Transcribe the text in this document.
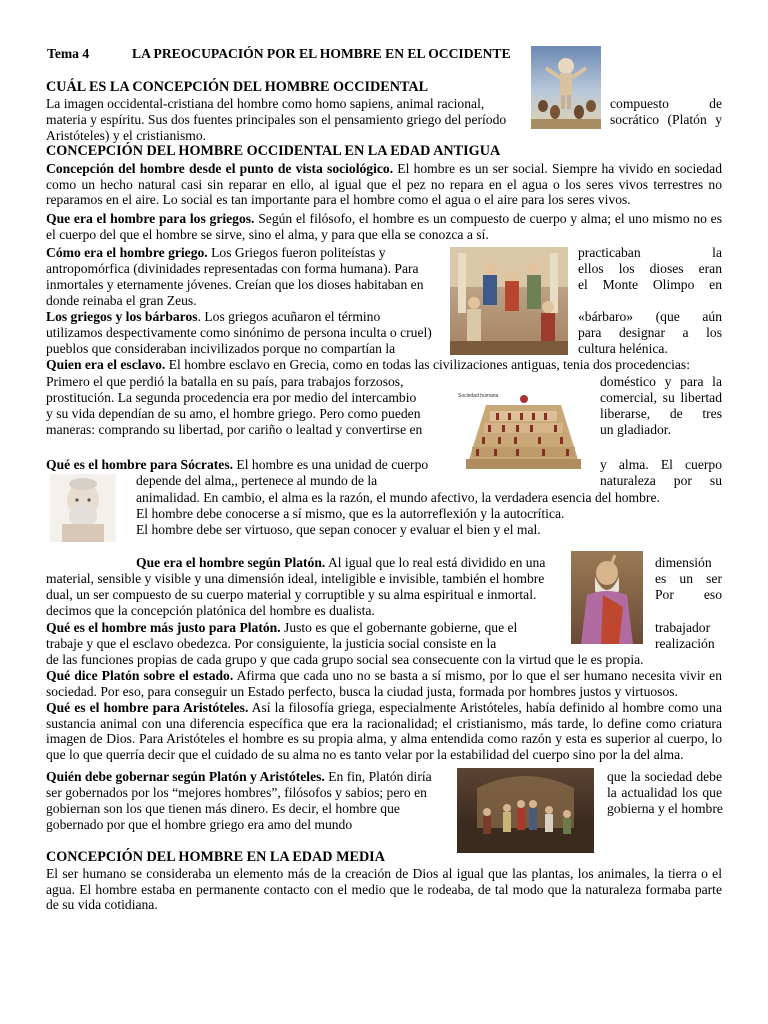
Tema 4	LA PREOCUPACIÓN POR EL HOMBRE EN EL OCCIDENTE
CUÁL ES LA CONCEPCIÓN DEL HOMBRE OCCIDENTAL
La imagen occidental-cristiana del hombre como homo sapiens, animal racional,	compuesto de
materia y espíritu. Sus dos fuentes principales son el pensamiento griego del período	socrático (Platón y
Aristóteles) y el cristianismo.
CONCEPCIÓN DEL HOMBRE OCCIDENTAL EN LA EDAD ANTIGUA
Concepción del hombre desde el punto de vista sociológico. El hombre es un ser social. Siempre ha vivido en sociedad como un hecho natural casi sin reparar en ello, al igual que el pez no repara en el agua o los seres vivos terrestres no reparamos en el aire. Lo social es tan importante para el hombre como el agua o el aire para los seres vivos.
Que era el hombre para los griegos. Según el filósofo, el hombre es un compuesto de cuerpo y alma; el uno mismo no es el cuerpo del que el hombre se sirve, sino el alma, y para que ella se conozca a sí.
Cómo era el hombre griego. Los Griegos fueron politeístas y	practicaban la
antropomórfica (divinidades representadas con forma humana). Para	ellos los dioses eran
inmortales y eternamente jóvenes. Creían que los dioses habitaban en	el Monte Olimpo en
donde reinaba el gran Zeus.
Los griegos y los bárbaros. Los griegos acuñaron el término	«bárbaro» (que aún
utilizamos despectivamente como sinónimo de persona inculta o cruel)	para designar a los
pueblos que consideraban incivilizados porque no compartían la	cultura helénica.
Quien era el esclavo. El hombre esclavo en Grecia, como en todas las civilizaciones antiguas, tenia dos procedencias:
Primero el que perdió la batalla en su país, para trabajos forzosos,	doméstico y para la
prostitución. La segunda procedencia era por medio del intercambio	comercial, su libertad
y su vida dependían de su amo, el hombre griego. Pero como pueden	liberarse, de tres
maneras: comprando su libertad, por cariño o lealtad y convertirse en	un gladiador.
Sociedad humana
Qué es el hombre para Sócrates. El hombre es una unidad de cuerpo	y alma. El cuerpo
depende del alma,, pertenece al mundo de la	naturaleza por su
animalidad. En cambio, el alma es la razón, el mundo afectivo, la verdadera esencia del hombre.
El hombre debe conocerse a sí mismo, que es la autorreflexión y la autocrítica.
El hombre debe ser virtuoso, que sepan conocer y evaluar el bien y el mal.
Que era el hombre según Platón. Al igual que lo real está dividido en una	dimensión
material, sensible y visible y una dimensión ideal, inteligible e invisible, también el hombre	es un ser
dual, un ser compuesto de su cuerpo material y corruptible y su alma espiritual e inmortal.	Por eso
decimos que la concepción platónica del hombre es dualista.
Qué es el hombre más justo para Platón. Justo es que el gobernante gobierne, que el	trabajador
trabaje y que el esclavo obedezca. Por consiguiente, la justicia social consiste en la	realización
de las funciones propias de cada grupo y que cada grupo social sea consecuente con la virtud que le es propia.
Qué dice Platón sobre el estado. Afirma que cada uno no se basta a sí mismo, por lo que el ser humano necesita vivir en sociedad. Por eso, para conseguir un Estado perfecto, busca la ciudad justa, formada por hombres justos y virtuosos.
Qué es el hombre para Aristóteles. Así la filosofía griega, especialmente Aristóteles, había definido al hombre como una sustancia animal con una diferencia específica que era la racionalidad; el cristianismo, más tarde, lo define como criatura imagen de Dios. Para Aristóteles el hombre es su propia alma, y alma entendida como razón y esta es superior al cuerpo, lo que lo que querría decir que el cuidado de su alma no es tanto velar por la estabilidad del cuerpo sino por la del alma.
Quién debe gobernar según Platón y Aristóteles. En fin, Platón diría	que la sociedad debe
ser gobernados por los “mejores hombres”, filósofos y sabios; pero en	la actualidad los que
gobiernan son los que tienen más dinero. Es decir, el hombre que	gobierna y el hombre
gobernado por que el hombre griego era amo del mundo
CONCEPCIÓN DEL HOMBRE EN LA EDAD MEDIA
El ser humano se consideraba un elemento más de la creación de Dios al igual que las plantas, los animales, la tierra o el agua. El hombre estaba en permanente contacto con el medio que le rodeaba, de tal modo que la naturaleza formaba parte de su vida cotidiana.
